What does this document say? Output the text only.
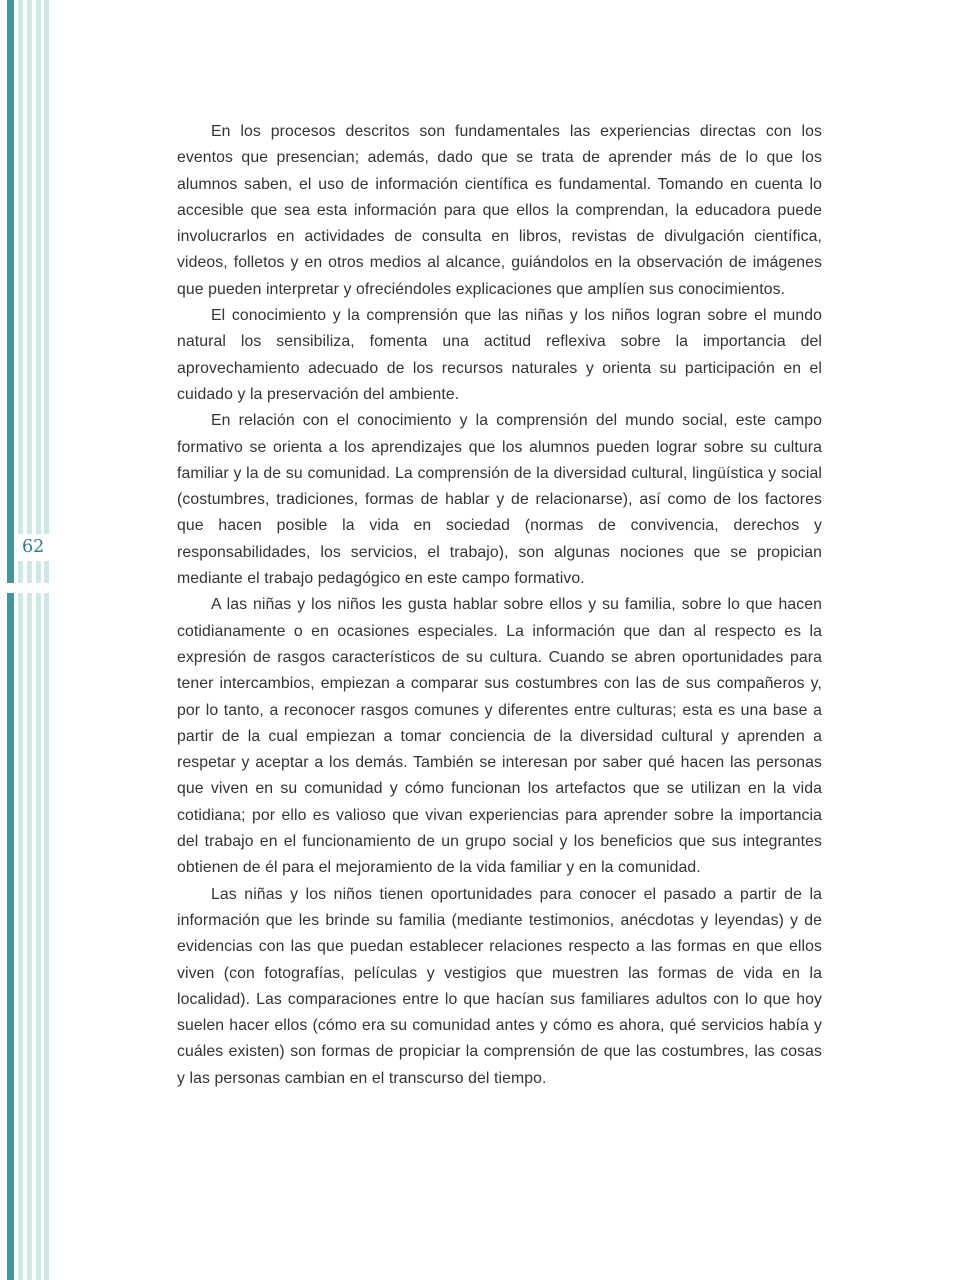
62

En los procesos descritos son fundamentales las experiencias directas con los eventos que presencian; además, dado que se trata de aprender más de lo que los alumnos saben, el uso de información científica es fundamental. Tomando en cuenta lo accesible que sea esta información para que ellos la comprendan, la educadora puede involucrarlos en actividades de consulta en libros, revistas de divulgación científica, videos, folletos y en otros medios al alcance, guiándolos en la observación de imágenes que pueden interpretar y ofreciéndoles explicaciones que amplíen sus conocimientos.

El conocimiento y la comprensión que las niñas y los niños logran sobre el mundo natural los sensibiliza, fomenta una actitud reflexiva sobre la importancia del aprovechamiento adecuado de los recursos naturales y orienta su participación en el cuidado y la preservación del ambiente.

En relación con el conocimiento y la comprensión del mundo social, este campo formativo se orienta a los aprendizajes que los alumnos pueden lograr sobre su cultura familiar y la de su comunidad. La comprensión de la diversidad cultural, lingüística y social (costumbres, tradiciones, formas de hablar y de relacionarse), así como de los factores que hacen posible la vida en sociedad (normas de convivencia, derechos y responsabilidades, los servicios, el trabajo), son algunas nociones que se propician mediante el trabajo pedagógico en este campo formativo.

A las niñas y los niños les gusta hablar sobre ellos y su familia, sobre lo que hacen cotidianamente o en ocasiones especiales. La información que dan al respecto es la expresión de rasgos característicos de su cultura. Cuando se abren oportunidades para tener intercambios, empiezan a comparar sus costumbres con las de sus compañeros y, por lo tanto, a reconocer rasgos comunes y diferentes entre culturas; esta es una base a partir de la cual empiezan a tomar conciencia de la diversidad cultural y aprenden a respetar y aceptar a los demás. También se interesan por saber qué hacen las personas que viven en su comunidad y cómo funcionan los artefactos que se utilizan en la vida cotidiana; por ello es valioso que vivan experiencias para aprender sobre la importancia del trabajo en el funcionamiento de un grupo social y los beneficios que sus integrantes obtienen de él para el mejoramiento de la vida familiar y en la comunidad.

Las niñas y los niños tienen oportunidades para conocer el pasado a partir de la información que les brinde su familia (mediante testimonios, anécdotas y leyendas) y de evidencias con las que puedan establecer relaciones respecto a las formas en que ellos viven (con fotografías, películas y vestigios que muestren las formas de vida en la localidad). Las comparaciones entre lo que hacían sus familiares adultos con lo que hoy suelen hacer ellos (cómo era su comunidad antes y cómo es ahora, qué servicios había y cuáles existen) son formas de propiciar la comprensión de que las costumbres, las cosas y las personas cambian en el transcurso del tiempo.
